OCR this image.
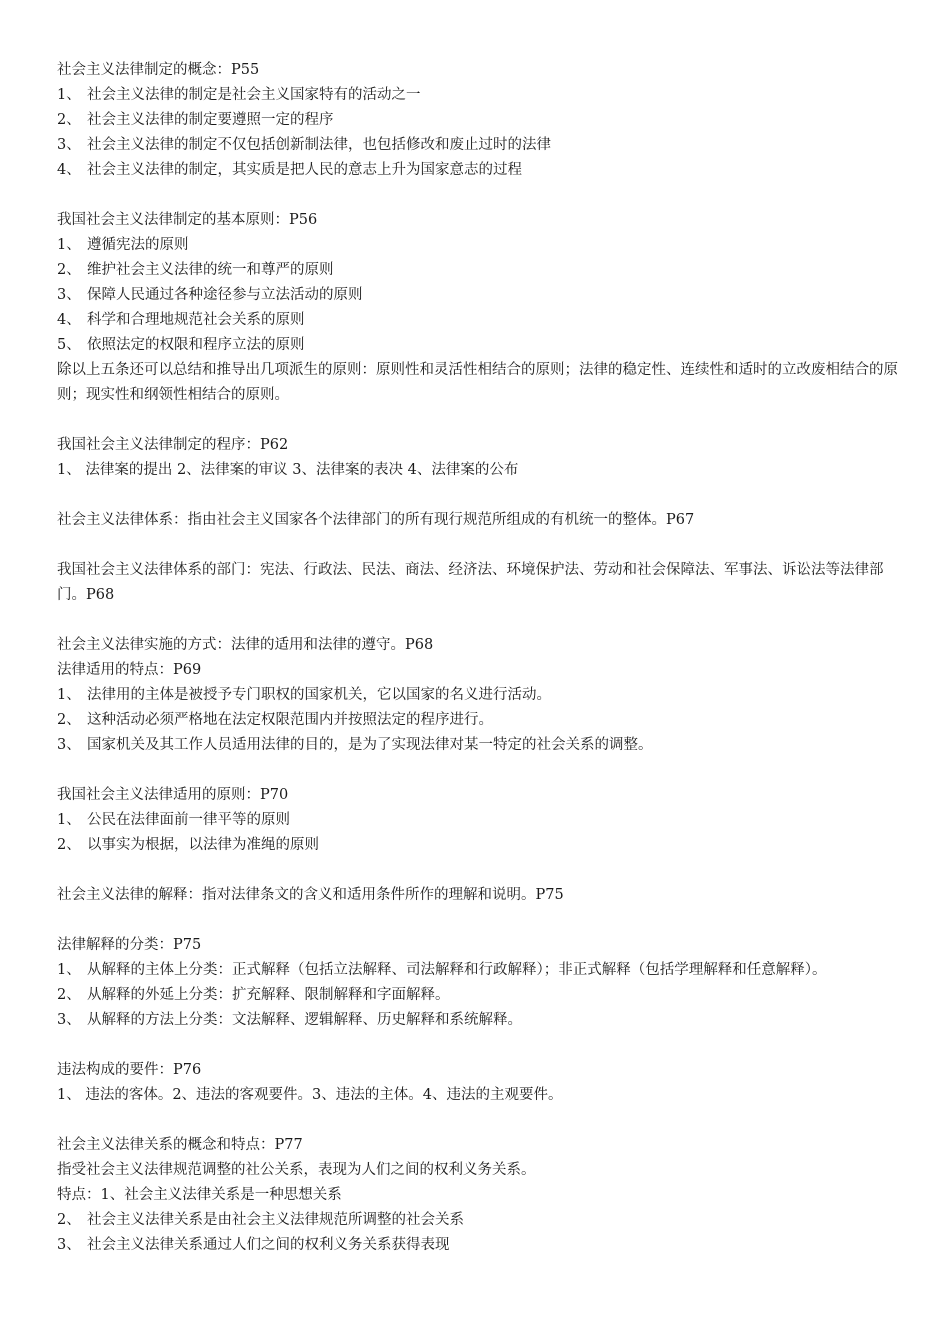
社会主义法律制定的概念：P55
1、 社会主义法律的制定是社会主义国家特有的活动之一
2、 社会主义法律的制定要遵照一定的程序
3、 社会主义法律的制定不仅包括创新制法律，也包括修改和废止过时的法律
4、 社会主义法律的制定，其实质是把人民的意志上升为国家意志的过程
我国社会主义法律制定的基本原则：P56
1、 遵循宪法的原则
2、 维护社会主义法律的统一和尊严的原则
3、 保障人民通过各种途径参与立法活动的原则
4、 科学和合理地规范社会关系的原则
5、 依照法定的权限和程序立法的原则
除以上五条还可以总结和推导出几项派生的原则：原则性和灵活性相结合的原则；法律的稳定性、连续性和适时的立改废相结合的原则；现实性和纲领性相结合的原则。
我国社会主义法律制定的程序：P62
1、 法律案的提出 2、法律案的审议 3、法律案的表决 4、法律案的公布
社会主义法律体系：指由社会主义国家各个法律部门的所有现行规范所组成的有机统一的整体。P67
我国社会主义法律体系的部门：宪法、行政法、民法、商法、经济法、环境保护法、劳动和社会保障法、军事法、诉讼法等法律部门。P68
社会主义法律实施的方式：法律的适用和法律的遵守。P68
法律适用的特点：P69
1、 法律用的主体是被授予专门职权的国家机关，它以国家的名义进行活动。
2、 这种活动必须严格地在法定权限范围内并按照法定的程序进行。
3、 国家机关及其工作人员适用法律的目的，是为了实现法律对某一特定的社会关系的调整。
我国社会主义法律适用的原则：P70
1、 公民在法律面前一律平等的原则
2、 以事实为根据，以法律为准绳的原则
社会主义法律的解释：指对法律条文的含义和适用条件所作的理解和说明。P75
法律解释的分类：P75
1、 从解释的主体上分类：正式解释（包括立法解释、司法解释和行政解释）；非正式解释（包括学理解释和任意解释）。
2、 从解释的外延上分类：扩充解释、限制解释和字面解释。
3、 从解释的方法上分类：文法解释、逻辑解释、历史解释和系统解释。
违法构成的要件：P76
1、 违法的客体。2、违法的客观要件。3、违法的主体。4、违法的主观要件。
社会主义法律关系的概念和特点：P77
指受社会主义法律规范调整的社公关系，表现为人们之间的权利义务关系。
特点：1、社会主义法律关系是一种思想关系
2、 社会主义法律关系是由社会主义法律规范所调整的社会关系
3、 社会主义法律关系通过人们之间的权利义务关系获得表现
